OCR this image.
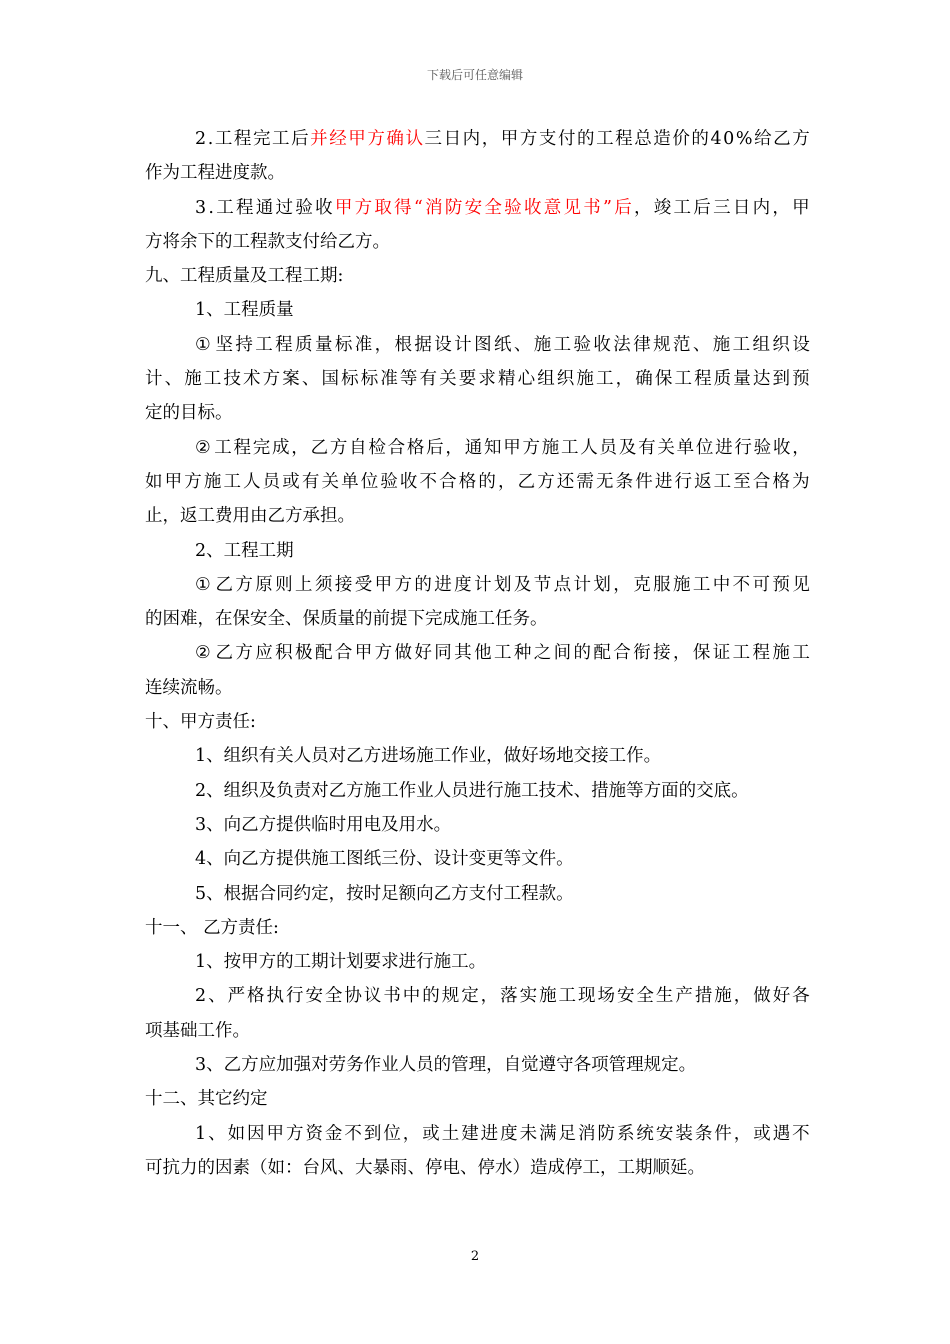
下载后可任意编辑
2 . 工 程 完 工 后 并 经 甲 方 确 认 三 日 内 ， 甲 方 支 付 的 工 程 总 造 价 的 4 0 % 给 乙 方
作为工程进度款。
3 . 工 程 通 过 验 收 甲 方 取 得 “ 消 防 安 全 验 收 意 见 书 ” 后 ， 竣 工 后 三 日 内 ， 甲
方将余下的工程款支付给乙方。
九、工程质量及工程工期:
1、工程质量
① 坚 持 工 程 质 量 标 准 ， 根 据 设 计 图 纸 、 施 工 验 收 法 律 规 范 、 施 工 组 织 设
计 、 施 工 技 术 方 案 、 国 标 标 准 等 有 关 要 求 精 心 组 织 施 工 ， 确 保 工 程 质 量 达 到 预
定的目标。
② 工 程 完 成 ， 乙 方 自 检 合 格 后 ， 通 知 甲 方 施 工 人 员 及 有 关 单 位 进 行 验 收 ，
如 甲 方 施 工 人 员 或 有 关 单 位 验 收 不 合 格 的 ， 乙 方 还 需 无 条 件 进 行 返 工 至 合 格 为
止，返工费用由乙方承担。
2、工程工期
① 乙 方 原 则 上 须 接 受 甲 方 的 进 度 计 划 及 节 点 计 划 ， 克 服 施 工 中 不 可 预 见
的困难，在保安全、保质量的前提下完成施工任务。
② 乙 方 应 积 极 配 合 甲 方 做 好 同 其 他 工 种 之 间 的 配 合 衔 接 ， 保 证 工 程 施 工
连续流畅。
十、甲方责任:
1、组织有关人员对乙方进场施工作业，做好场地交接工作。
2、组织及负责对乙方施工作业人员进行施工技术、措施等方面的交底。
3、向乙方提供临时用电及用水。
4、向乙方提供施工图纸三份、设计变更等文件。
5、根据合同约定，按时足额向乙方支付工程款。
十一、 乙方责任:
1、按甲方的工期计划要求进行施工。
2 、 严 格 执 行 安 全 协 议 书 中 的 规 定 ， 落 实 施 工 现 场 安 全 生 产 措 施 ， 做 好 各
项基础工作。
3、乙方应加强对劳务作业人员的管理，自觉遵守各项管理规定。
十二、其它约定
1 、 如 因 甲 方 资 金 不 到 位 ， 或 土 建 进 度 未 满 足 消 防 系 统 安 装 条 件 ， 或 遇 不
可抗力的因素（如：台风、大暴雨、停电、停水）造成停工，工期顺延。
2
